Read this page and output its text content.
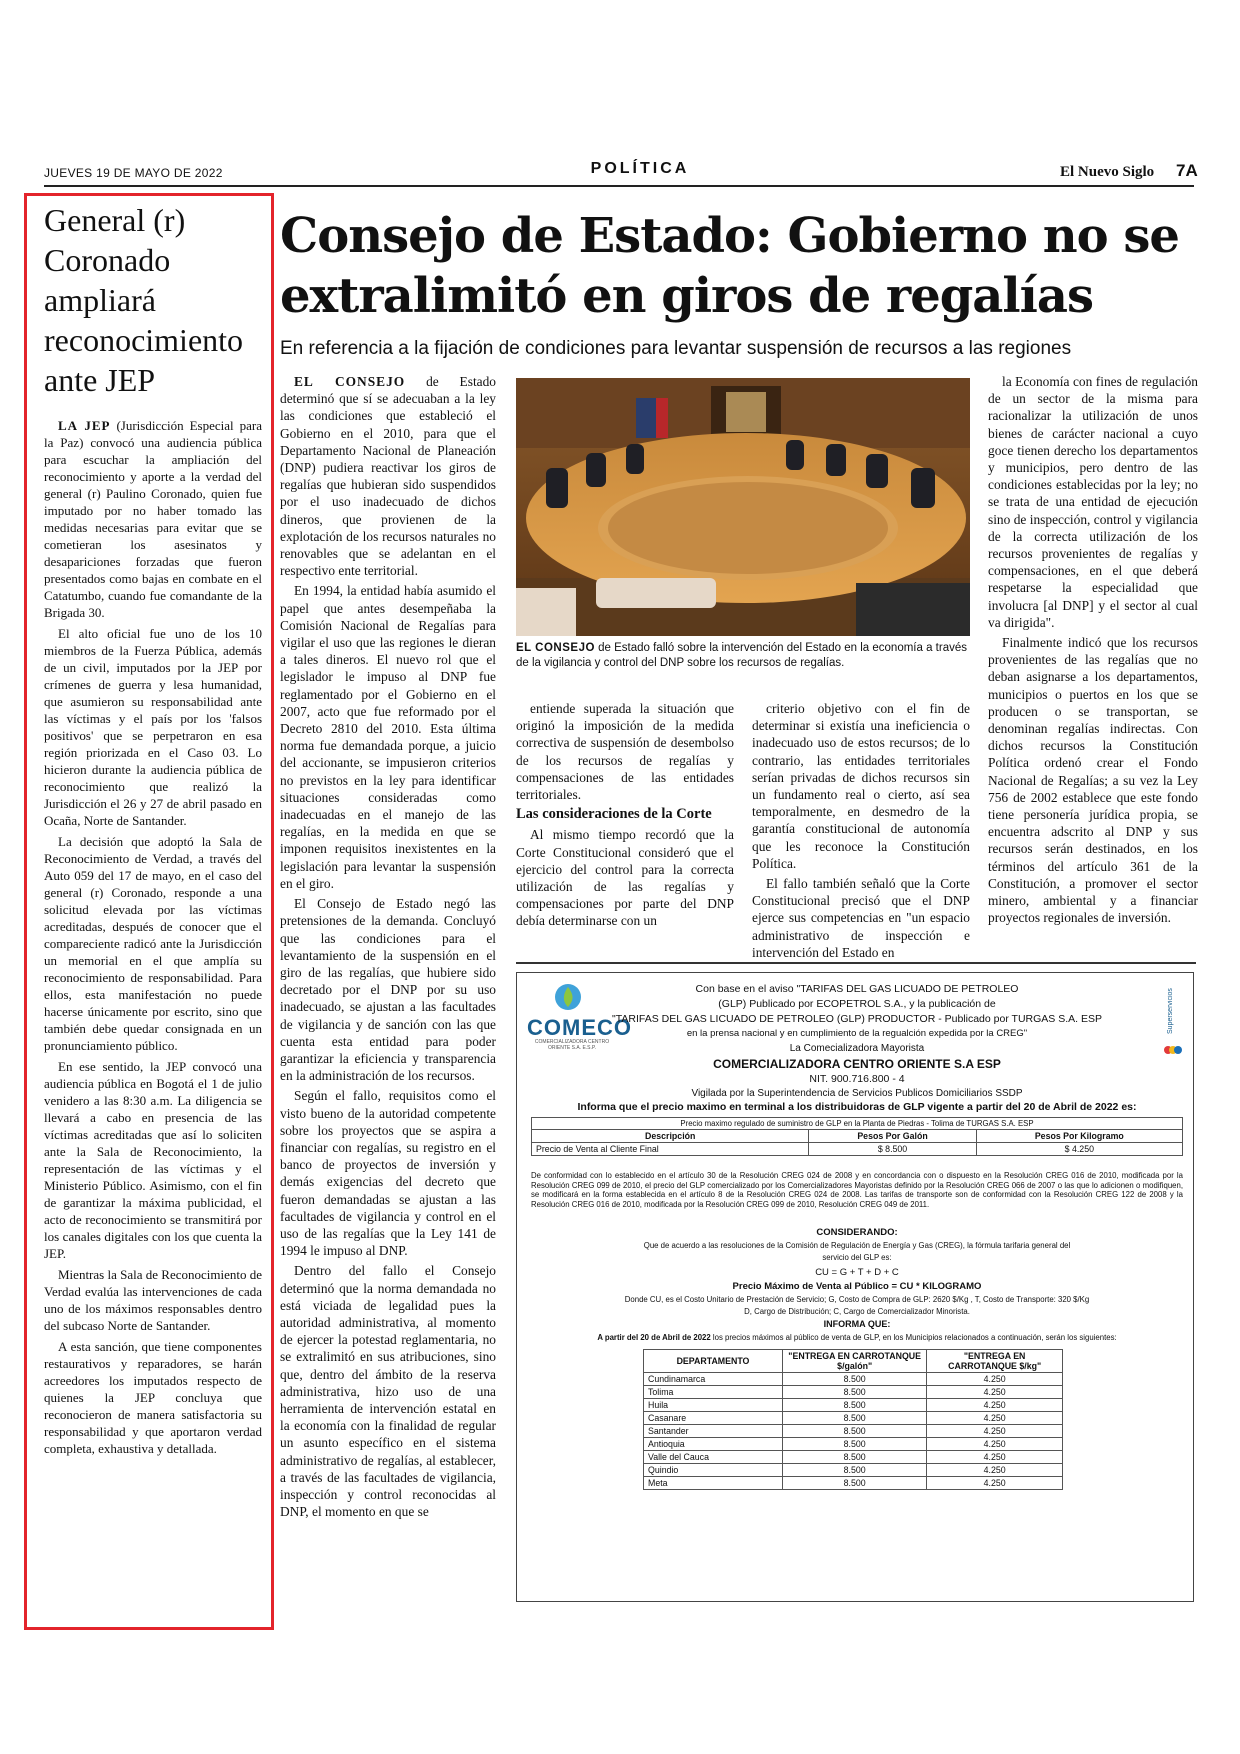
JUEVES 19 DE MAYO DE 2022	POLÍTICA	El Nuevo Siglo 7A
General (r) Coronado ampliará reconocimiento ante JEP

LA JEP (Jurisdicción Especial para la Paz) convocó una audiencia pública para escuchar la ampliación del reconocimiento y aporte a la verdad del general (r) Paulino Coronado, quien fue imputado por no haber tomado las medidas necesarias para evitar que se cometieran los asesinatos y desapariciones forzadas que fueron presentados como bajas en combate en el Catatumbo, cuando fue comandante de la Brigada 30.

El alto oficial fue uno de los 10 miembros de la Fuerza Pública, además de un civil, imputados por la JEP por crímenes de guerra y lesa humanidad, que asumieron su responsabilidad ante las víctimas y el país por los 'falsos positivos' que se perpetraron en esa región priorizada en el Caso 03. Lo hicieron durante la audiencia pública de reconocimiento que realizó la Jurisdicción el 26 y 27 de abril pasado en Ocaña, Norte de Santander.

La decisión que adoptó la Sala de Reconocimiento de Verdad, a través del Auto 059 del 17 de mayo, en el caso del general (r) Coronado, responde a una solicitud elevada por las víctimas acreditadas, después de conocer que el compareciente radicó ante la Jurisdicción un memorial en el que amplía su reconocimiento de responsabilidad. Para ellos, esta manifestación no puede hacerse únicamente por escrito, sino que también debe quedar consignada en un pronunciamiento público.

En ese sentido, la JEP convocó una audiencia pública en Bogotá el 1 de julio venidero a las 8:30 a.m. La diligencia se llevará a cabo en presencia de las víctimas acreditadas que así lo soliciten ante la Sala de Reconocimiento, la representación de las víctimas y el Ministerio Público. Asimismo, con el fin de garantizar la máxima publicidad, el acto de reconocimiento se transmitirá por los canales digitales con los que cuenta la JEP.

Mientras la Sala de Reconocimiento de Verdad evalúa las intervenciones de cada uno de los máximos responsables dentro del subcaso Norte de Santander.

A esta sanción, que tiene componentes restaurativos y reparadores, se harán acreedores los imputados respecto de quienes la JEP concluya que reconocieron de manera satisfactoria su responsabilidad y que aportaron verdad completa, exhaustiva y detallada.

Consejo de Estado: Gobierno no se extralimitó en giros de regalías
En referencia a la fijación de condiciones para levantar suspensión de recursos a las regiones

EL CONSEJO de Estado determinó que sí se adecuaban a la ley las condiciones que estableció el Gobierno en el 2010, para que el Departamento Nacional de Planeación (DNP) pudiera reactivar los giros de regalías que hubieran sido suspendidos por el uso inadecuado de dichos dineros, que provienen de la explotación de los recursos naturales no renovables que se adelantan en el respectivo ente territorial.

En 1994, la entidad había asumido el papel que antes desempeñaba la Comisión Nacional de Regalías para vigilar el uso que las regiones le dieran a tales dineros. El nuevo rol que el legislador le impuso al DNP fue reglamentado por el Gobierno en el 2007, acto que fue reformado por el Decreto 2810 del 2010. Esta última norma fue demandada porque, a juicio del accionante, se impusieron criterios no previstos en la ley para identificar situaciones consideradas como inadecuadas en el manejo de las regalías, en la medida en que se imponen requisitos inexistentes en la legislación para levantar la suspensión en el giro.

El Consejo de Estado negó las pretensiones de la demanda. Concluyó que las condiciones para el levantamiento de la suspensión en el giro de las regalías, que hubiere sido decretado por el DNP por su uso inadecuado, se ajustan a las facultades de vigilancia y de sanción con las que cuenta esta entidad para poder garantizar la eficiencia y transparencia en la administración de los recursos.

Según el fallo, requisitos como el visto bueno de la autoridad competente sobre los proyectos que se aspira a financiar con regalías, su registro en el banco de proyectos de inversión y demás exigencias del decreto que fueron demandadas se ajustan a las facultades de vigilancia y control en el uso de las regalías que la Ley 141 de 1994 le impuso al DNP.

Dentro del fallo el Consejo determinó que la norma demandada no está viciada de legalidad pues la autoridad administrativa, al momento de ejercer la potestad reglamentaria, no se extralimitó en sus atribuciones, sino que, dentro del ámbito de la reserva administrativa, hizo uso de una herramienta de intervención estatal en la economía con la finalidad de regular un asunto específico en el sistema administrativo de regalías, al establecer, a través de las facultades de vigilancia, inspección y control reconocidas al DNP, el momento en que se

EL CONSEJO de Estado falló sobre la intervención del Estado en la economía a través de la vigilancia y control del DNP sobre los recursos de regalías.

entiende superada la situación que originó la imposición de la medida correctiva de suspensión de desembolso de los recursos de regalías y compensaciones de las entidades territoriales.

Las consideraciones de la Corte

Al mismo tiempo recordó que la Corte Constitucional consideró que el ejercicio del control para la correcta utilización de las regalías y compensaciones por parte del DNP debía determinarse con un

criterio objetivo con el fin de determinar si existía una ineficiencia o inadecuado uso de estos recursos; de lo contrario, las entidades territoriales serían privadas de dichos recursos sin un fundamento real o cierto, así sea temporalmente, en desmedro de la garantía constitucional de autonomía que les reconoce la Constitución Política.

El fallo también señaló que la Corte Constitucional precisó que el DNP ejerce sus competencias en "un espacio administrativo de inspección e intervención del Estado en

la Economía con fines de regulación de un sector de la misma para racionalizar la utilización de unos bienes de carácter nacional a cuyo goce tienen derecho los departamentos y municipios, pero dentro de las condiciones establecidas por la ley; no se trata de una entidad de ejecución sino de inspección, control y vigilancia de la correcta utilización de los recursos provenientes de regalías y compensaciones, en el que deberá respetarse la especialidad que involucra [al DNP] y el sector al cual va dirigida".

Finalmente indicó que los recursos provenientes de las regalías que no deban asignarse a los departamentos, municipios o puertos en los que se producen o se transportan, se denominan regalías indirectas. Con dichos recursos la Constitución Política ordenó crear el Fondo Nacional de Regalías; a su vez la Ley 756 de 2002 establece que este fondo tiene personería jurídica propia, se encuentra adscrito al DNP y sus recursos serán destinados, en los términos del artículo 361 de la Constitución, a promover el sector minero, ambiental y a financiar proyectos regionales de inversión.

COMECO
COMERCIALIZADORA CENTRO ORIENTE S.A. E.S.P.
Superservicios
Con base en el aviso "TARIFAS DEL GAS LICUADO DE PETROLEO
(GLP) Publicado por ECOPETROL S.A., y la publicación de
"TARIFAS DEL GAS LICUADO DE PETROLEO (GLP) PRODUCTOR - Publicado por TURGAS S.A. ESP
en la prensa nacional y en cumplimiento de la regualción expedida por la CREG"
La Comecializadora Mayorista
COMERCIALIZADORA CENTRO ORIENTE S.A ESP
NIT. 900.716.800 - 4
Vigilada por la Superintendencia de Servicios Publicos Domiciliarios SSDP
Informa que el precio maximo en terminal a los distribuidoras de GLP vigente a partir del 20 de Abril de 2022 es:
Precio maximo regulado de suministro de GLP en la Planta de Piedras - Tolima de TURGAS S.A. ESP		
Descripción	Pesos Por Galón	Pesos Por Kilogramo
Precio de Venta al Cliente Final	$ 8.500	$ 4.250
De conformidad con lo establecido en el artículo 30 de la Resolución CREG 024 de 2008 y en concordancia con o dispuesto en la Resolución CREG 016 de 2010, modificada por la Resolución CREG 099 de 2010, el precio del GLP comercializado por los Comercializadores Mayoristas definido por la Resolución CREG 066 de 2007 o las que lo adicionen o modifiquen, se modificará en la forma establecida en el artículo 8 de la Resolución CREG 024 de 2008. Las tarifas de transporte son de conformidad con la Resolución CREG 122 de 2008 y la Resolución CREG 016 de 2010, modificada por la Resolución CREG 099 de 2010, Resolución CREG 049 de 2011.
CONSIDERANDO:
Que de acuerdo a las resoluciones de la Comisión de Regulación de Energía y Gas (CREG), la fórmula tarifaria general del
servicio del GLP es:
CU = G + T + D + C
Precio Máximo de Venta al Público = CU * KILOGRAMO
Donde CU, es el Costo Unitario de Prestación de Servicio; G, Costo de Compra de GLP: 2620 $/Kg , T, Costo de Transporte: 320 $/Kg
D, Cargo de Distribución; C, Cargo de Comercializador Minorista.
INFORMA QUE:
A partir del 20 de Abril de 2022 los precios máximos al público de venta de GLP, en los Municipios relacionados a continuación, serán los siguientes:
DEPARTAMENTO	"ENTREGA EN CARROTANQUE $/galón"	"ENTREGA EN CARROTANQUE $/kg"
Cundinamarca	8.500	4.250
Tolima	8.500	4.250
Huila	8.500	4.250
Casanare	8.500	4.250
Santander	8.500	4.250
Antioquia	8.500	4.250
Valle del Cauca	8.500	4.250
Quindio	8.500	4.250
Meta	8.500	4.250
